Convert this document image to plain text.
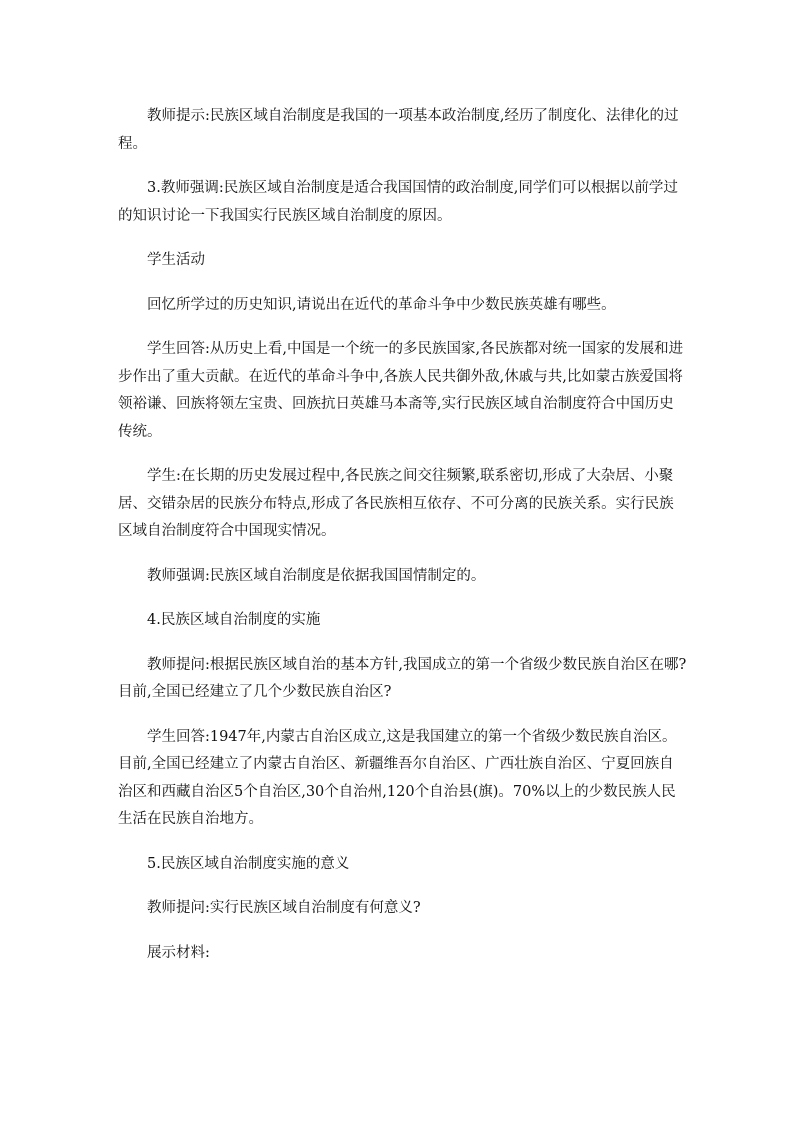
教师提示:民族区域自治制度是我国的一项基本政治制度,经历了制度化、法律化的过程。

3.教师强调:民族区域自治制度是适合我国国情的政治制度,同学们可以根据以前学过的知识讨论一下我国实行民族区域自治制度的原因。

学生活动

回忆所学过的历史知识,请说出在近代的革命斗争中少数民族英雄有哪些。

学生回答:从历史上看,中国是一个统一的多民族国家,各民族都对统一国家的发展和进步作出了重大贡献。在近代的革命斗争中,各族人民共御外敌,休戚与共,比如蒙古族爱国将领裕谦、回族将领左宝贵、回族抗日英雄马本斋等,实行民族区域自治制度符合中国历史传统。

学生:在长期的历史发展过程中,各民族之间交往频繁,联系密切,形成了大杂居、小聚居、交错杂居的民族分布特点,形成了各民族相互依存、不可分离的民族关系。实行民族区域自治制度符合中国现实情况。

教师强调:民族区域自治制度是依据我国国情制定的。

4.民族区域自治制度的实施

教师提问:根据民族区域自治的基本方针,我国成立的第一个省级少数民族自治区在哪?目前,全国已经建立了几个少数民族自治区?

学生回答:1947年,内蒙古自治区成立,这是我国建立的第一个省级少数民族自治区。目前,全国已经建立了内蒙古自治区、新疆维吾尔自治区、广西壮族自治区、宁夏回族自治区和西藏自治区5个自治区,30个自治州,120个自治县(旗)。70%以上的少数民族人民生活在民族自治地方。

5.民族区域自治制度实施的意义

教师提问:实行民族区域自治制度有何意义?

展示材料:
